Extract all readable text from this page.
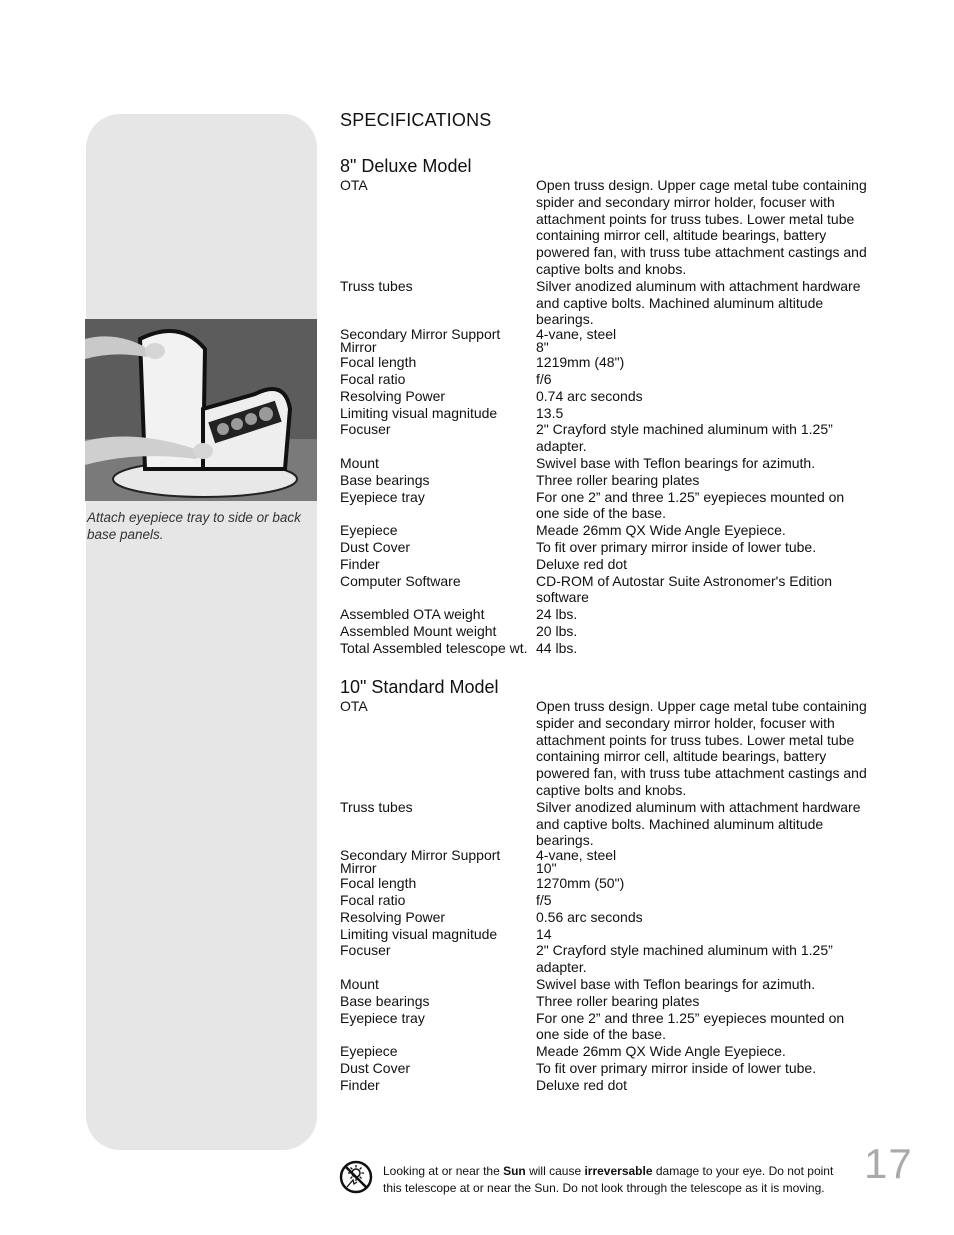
Attach eyepiece tray to side or back base panels.
SPECIFICATIONS
8" Deluxe Model
OTA	Open truss design. Upper cage metal tube containing spider and secondary mirror holder, focuser with attachment points for truss tubes. Lower metal tube containing mirror cell, altitude bearings, battery powered fan, with truss tube attachment castings and captive bolts and knobs.
Truss tubes	Silver anodized aluminum with attachment hardware and captive bolts. Machined aluminum altitude bearings.
Secondary Mirror Support	4-vane, steel
Mirror	8"
Focal length	1219mm (48")
Focal ratio	f/6
Resolving Power	0.74 arc seconds
Limiting visual magnitude	13.5
Focuser	2" Crayford style machined aluminum with 1.25” adapter.
Mount	Swivel base with Teflon bearings for azimuth.
Base bearings	Three roller bearing plates
Eyepiece tray	For one 2” and three 1.25” eyepieces mounted on one side of the base.
Eyepiece	Meade 26mm QX Wide Angle Eyepiece.
Dust Cover	To fit over primary mirror inside of lower tube.
Finder	Deluxe red dot
Computer Software	CD-ROM of Autostar Suite Astronomer's Edition software
Assembled OTA weight	24 lbs.
Assembled Mount weight	20 lbs.
Total Assembled telescope wt. 44 lbs.
10" Standard Model
OTA	Open truss design. Upper cage metal tube containing spider and secondary mirror holder, focuser with attachment points for truss tubes. Lower metal tube containing mirror cell, altitude bearings, battery powered fan, with truss tube attachment castings and captive bolts and knobs.
Truss tubes	Silver anodized aluminum with attachment hardware and captive bolts. Machined aluminum altitude bearings.
Secondary Mirror Support	4-vane, steel
Mirror	10"
Focal length	1270mm (50")
Focal ratio	f/5
Resolving Power	0.56 arc seconds
Limiting visual magnitude	14
Focuser	2" Crayford style machined aluminum with 1.25” adapter.
Mount	Swivel base with Teflon bearings for azimuth.
Base bearings	Three roller bearing plates
Eyepiece tray	For one 2” and three 1.25” eyepieces mounted on one side of the base.
Eyepiece	Meade 26mm QX Wide Angle Eyepiece.
Dust Cover	To fit over primary mirror inside of lower tube.
Finder	Deluxe red dot
Looking at or near the Sun will cause irreversable damage to your eye. Do not point this telescope at or near the Sun. Do not look through the telescope as it is moving.
17
